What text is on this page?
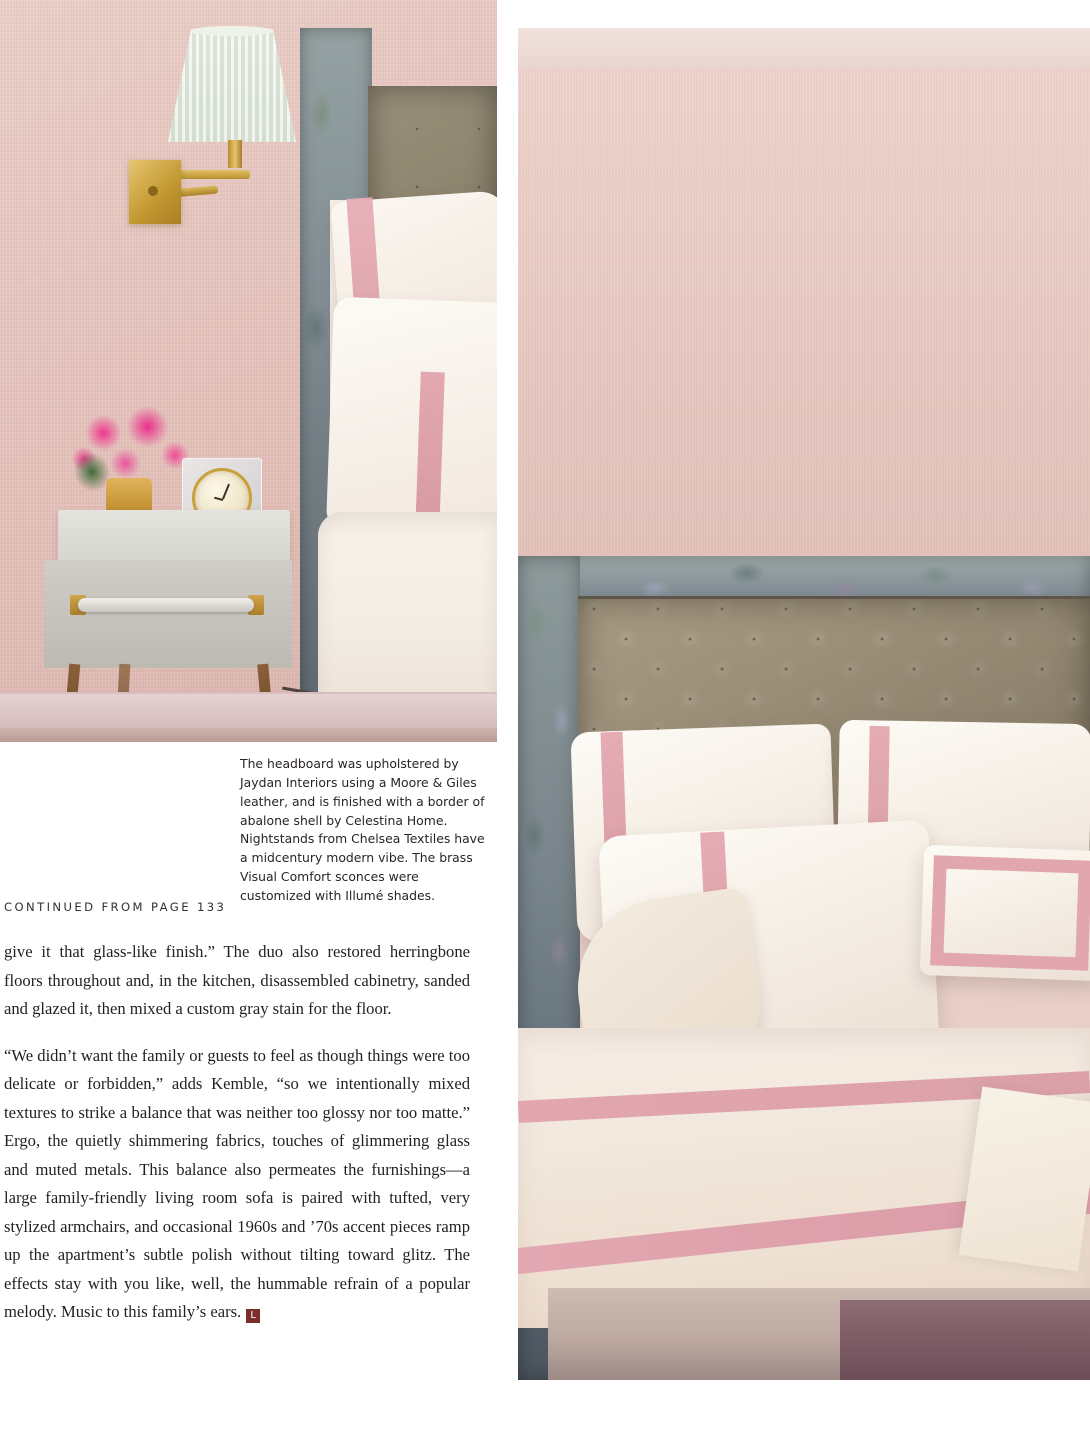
The headboard was upholstered by Jaydan Interiors using a Moore & Giles leather, and is finished with a border of abalone shell by Celestina Home. Nightstands from Chelsea Textiles have a midcentury modern vibe. The brass Visual Comfort sconces were customized with Illumé shades.
CONTINUED FROM PAGE 133

give it that glass-like finish.” The duo also restored herringbone floors throughout and, in the kitchen, disassembled cabinetry, sanded and glazed it, then mixed a custom gray stain for the floor.

“We didn’t want the family or guests to feel as though things were too delicate or forbidden,” adds Kemble, “so we intentionally mixed textures to strike a balance that was neither too glossy nor too matte.” Ergo, the quietly shimmering fabrics, touches of glimmering glass and muted metals. This balance also permeates the furnishings—a large family-friendly living room sofa is paired with tufted, very stylized armchairs, and occasional 1960s and ’70s accent pieces ramp up the apartment’s subtle polish without tilting toward glitz. The effects stay with you like, well, the hummable refrain of a popular melody. Music to this family’s ears. L
